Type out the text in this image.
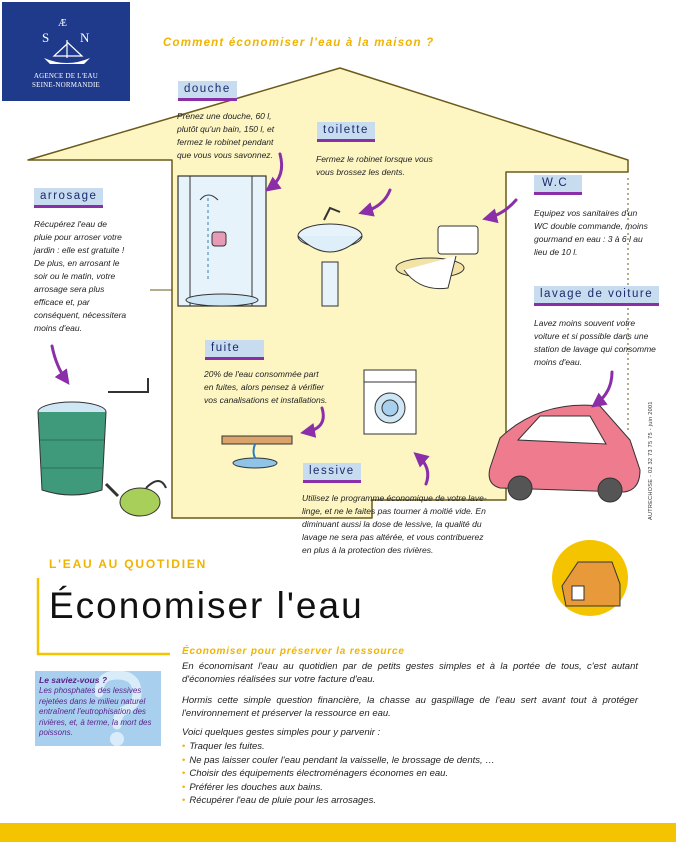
Æ
S N
AGENCE DE L'EAU
SEINE-NORMANDIE
Comment économiser l'eau à la maison ?
douche
Prenez une douche, 60 l,
plutôt qu'un bain, 150 l, et
fermez le robinet pendant
que vous vous savonnez.
toilette
Fermez le robinet lorsque vous
vous brossez les dents.
W.C
Equipez vos sanitaires d'un
WC double commande, moins
gourmand en eau : 3 à 6 l au
lieu de 10 l.
arrosage
Récupérez l'eau de
pluie pour arroser votre
jardin : elle est gratuite !
De plus, en arrosant le
soir ou le matin, votre
arrosage sera plus
efficace et, par
conséquent, nécessitera
moins d'eau.
lavage de voiture
Lavez moins souvent votre
voiture et si possible dans une
station de lavage qui consomme
moins d'eau.
fuite
20% de l'eau consommée part
en fuites, alors pensez à vérifier
vos canalisations et installations.
lessive
Utilisez le programme économique de votre lave-
linge, et ne le faites pas tourner à moitié vide. En
diminuant aussi la dose de lessive, la qualité du
lavage ne sera pas altérée, et vous contribuerez
en plus à la protection des rivières.
AUTRECHOSE - 02 32 73 75 75 - juin 2001
L'EAU AU QUOTIDIEN
Économiser l'eau
Économiser pour préserver la ressource

En économisant l'eau au quotidien par de petits gestes simples et à la portée de tous, c'est autant d'économies réalisées sur votre facture d'eau.

Hormis cette simple question financière, la chasse au gaspillage de l'eau sert avant tout à protéger l'environnement et préserver la ressource en eau.

Voici quelques gestes simples pour y parvenir :

• Traquer les fuites.
• Ne pas laisser couler l'eau pendant la vaisselle, le brossage de dents, …
• Choisir des équipements électroménagers économes en eau.
• Préférer les douches aux bains.
• Récupérer l'eau de pluie pour les arrosages.
Le saviez-vous ?
Les phosphates des lessives
rejetées dans le milieu naturel
entraînent l'eutrophisation des
rivières, et, à terme, la mort des
poissons.
